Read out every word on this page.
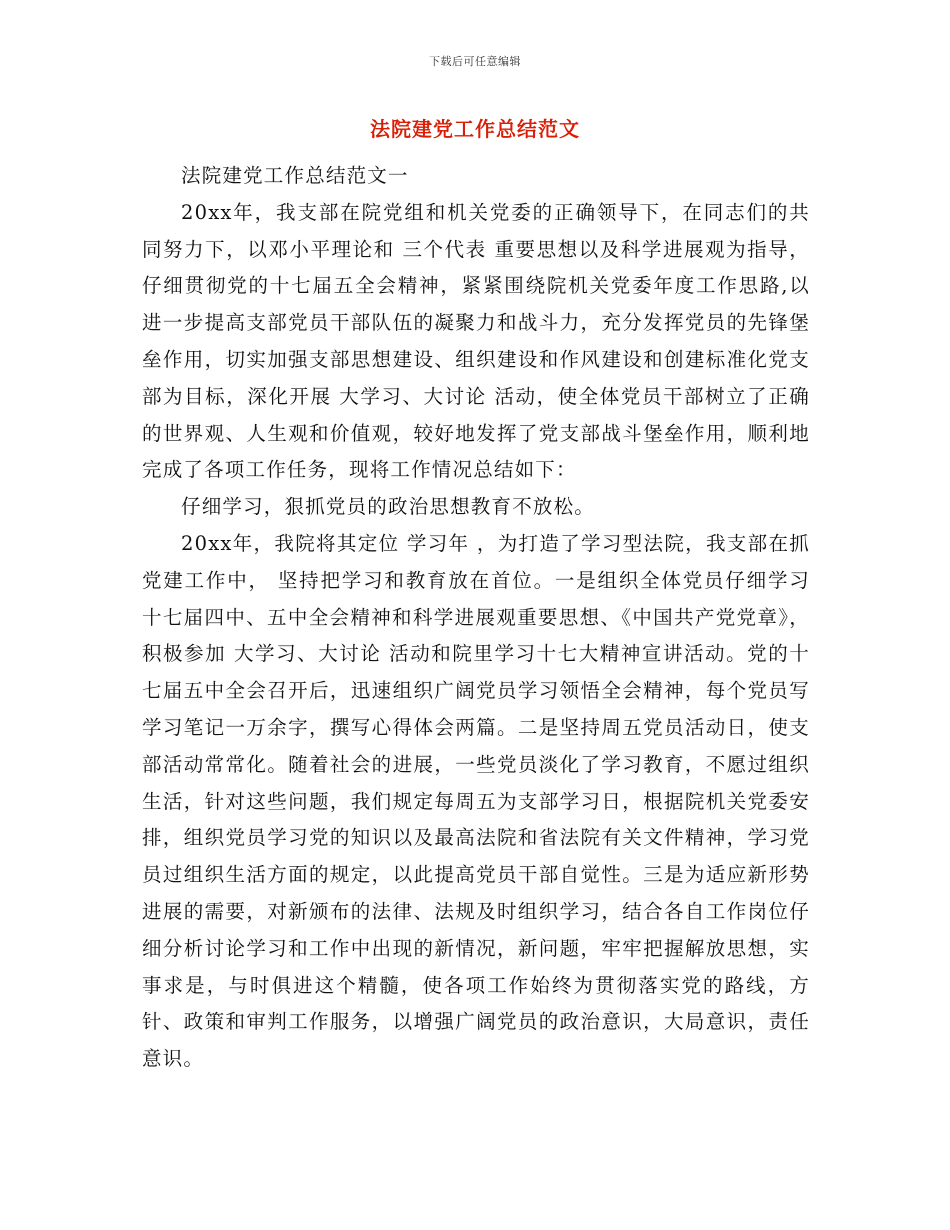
下载后可任意编辑
法院建党工作总结范文

法院建党工作总结范文一

20xx年，我支部在院党组和机关党委的正确领导下，在同志们的共同努力下，以邓小平理论和 三个代表 重要思想以及科学进展观为指导，仔细贯彻党的十七届五全会精神，紧紧围绕院机关党委年度工作思路,以进一步提高支部党员干部队伍的凝聚力和战斗力，充分发挥党员的先锋堡垒作用，切实加强支部思想建设、组织建设和作风建设和创建标准化党支部为目标，深化开展 大学习、大讨论 活动，使全体党员干部树立了正确的世界观、人生观和价值观，较好地发挥了党支部战斗堡垒作用，顺利地完成了各项工作任务，现将工作情况总结如下：

仔细学习，狠抓党员的政治思想教育不放松。

20xx年，我院将其定位 学习年 ，为打造了学习型法院，我支部在抓党建工作中， 坚持把学习和教育放在首位。一是组织全体党员仔细学习十七届四中、五中全会精神和科学进展观重要思想、《中国共产党党章》，积极参加 大学习、大讨论 活动和院里学习十七大精神宣讲活动。党的十七届五中全会召开后，迅速组织广阔党员学习领悟全会精神，每个党员写学习笔记一万余字，撰写心得体会两篇。二是坚持周五党员活动日，使支部活动常常化。随着社会的进展，一些党员淡化了学习教育，不愿过组织生活，针对这些问题，我们规定每周五为支部学习日，根据院机关党委安排，组织党员学习党的知识以及最高法院和省法院有关文件精神，学习党员过组织生活方面的规定，以此提高党员干部自觉性。三是为适应新形势进展的需要，对新颁布的法律、法规及时组织学习，结合各自工作岗位仔细分析讨论学习和工作中出现的新情况，新问题，牢牢把握解放思想，实事求是，与时俱进这个精髓，使各项工作始终为贯彻落实党的路线，方针、政策和审判工作服务，以增强广阔党员的政治意识，大局意识，责任意识。
